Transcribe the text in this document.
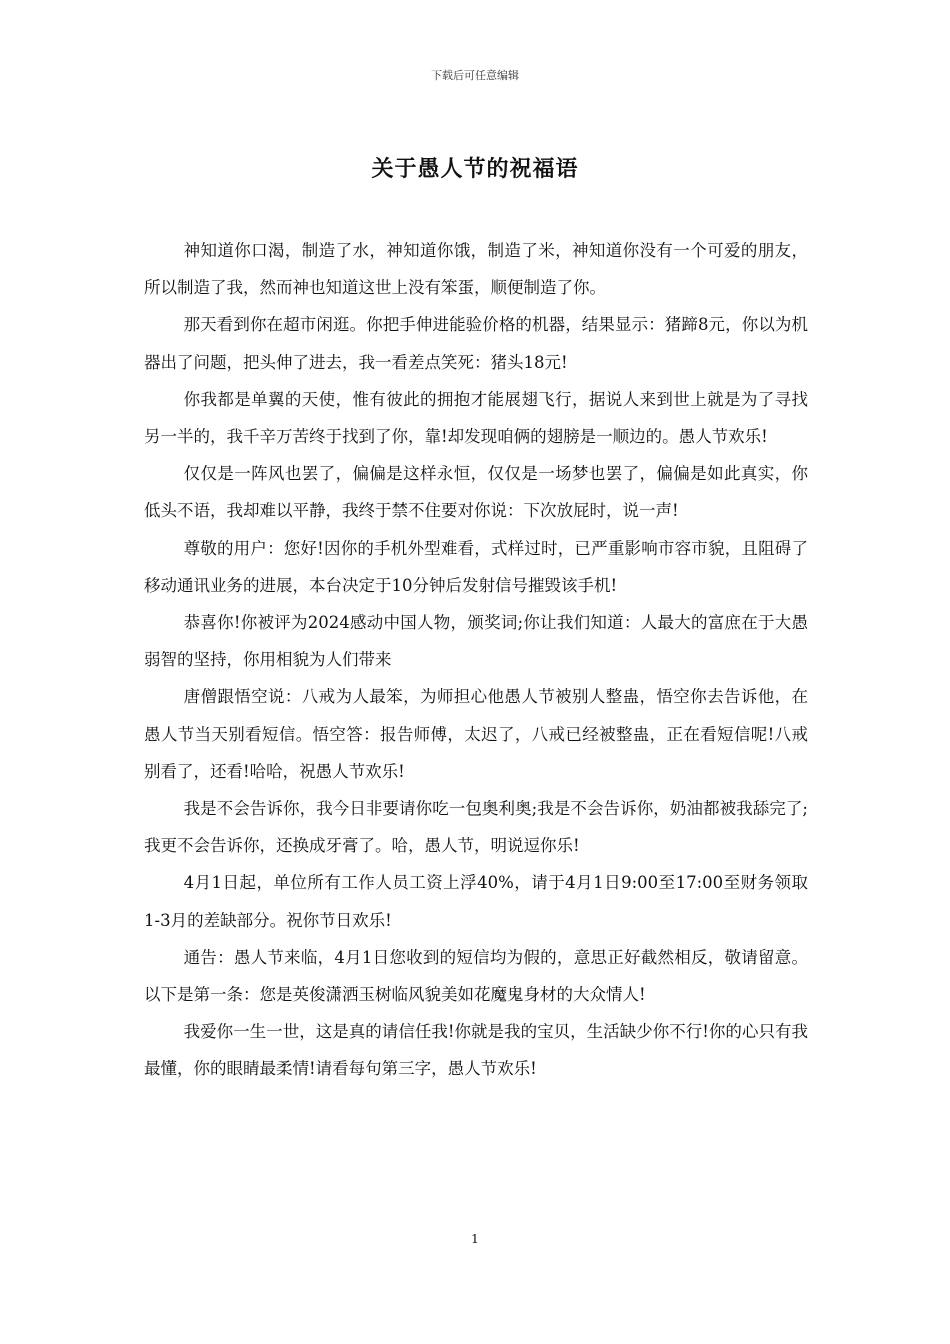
下载后可任意编辑
关于愚人节的祝福语

神知道你口渴，制造了水，神知道你饿，制造了米，神知道你没有一个可爱的朋友，所以制造了我，然而神也知道这世上没有笨蛋，顺便制造了你。

那天看到你在超市闲逛。你把手伸进能验价格的机器，结果显示：猪蹄8元，你以为机器出了问题，把头伸了进去，我一看差点笑死：猪头18元!

你我都是单翼的天使，惟有彼此的拥抱才能展翅飞行，据说人来到世上就是为了寻找另一半的，我千辛万苦终于找到了你，靠!却发现咱俩的翅膀是一顺边的。愚人节欢乐!

仅仅是一阵风也罢了，偏偏是这样永恒，仅仅是一场梦也罢了，偏偏是如此真实，你低头不语，我却难以平静，我终于禁不住要对你说：下次放屁时，说一声!

尊敬的用户：您好!因你的手机外型难看，式样过时，已严重影响市容市貌，且阻碍了移动通讯业务的进展，本台决定于10分钟后发射信号摧毁该手机!

恭喜你!你被评为2024感动中国人物，颁奖词;你让我们知道：人最大的富庶在于大愚弱智的坚持，你用相貌为人们带来

唐僧跟悟空说：八戒为人最笨，为师担心他愚人节被别人整蛊，悟空你去告诉他，在愚人节当天别看短信。悟空答：报告师傅，太迟了，八戒已经被整蛊，正在看短信呢!八戒别看了，还看!哈哈，祝愚人节欢乐!

我是不会告诉你，我今日非要请你吃一包奥利奥;我是不会告诉你，奶油都被我舔完了;我更不会告诉你，还换成牙膏了。哈，愚人节，明说逗你乐!

4月1日起，单位所有工作人员工资上浮40%，请于4月1日9:00至17:00至财务领取1-3月的差缺部分。祝你节日欢乐!

通告：愚人节来临，4月1日您收到的短信均为假的，意思正好截然相反，敬请留意。以下是第一条：您是英俊潇洒玉树临风貌美如花魔鬼身材的大众情人!

我爱你一生一世，这是真的请信任我!你就是我的宝贝，生活缺少你不行!你的心只有我最懂，你的眼睛最柔情!请看每句第三字，愚人节欢乐!

1
